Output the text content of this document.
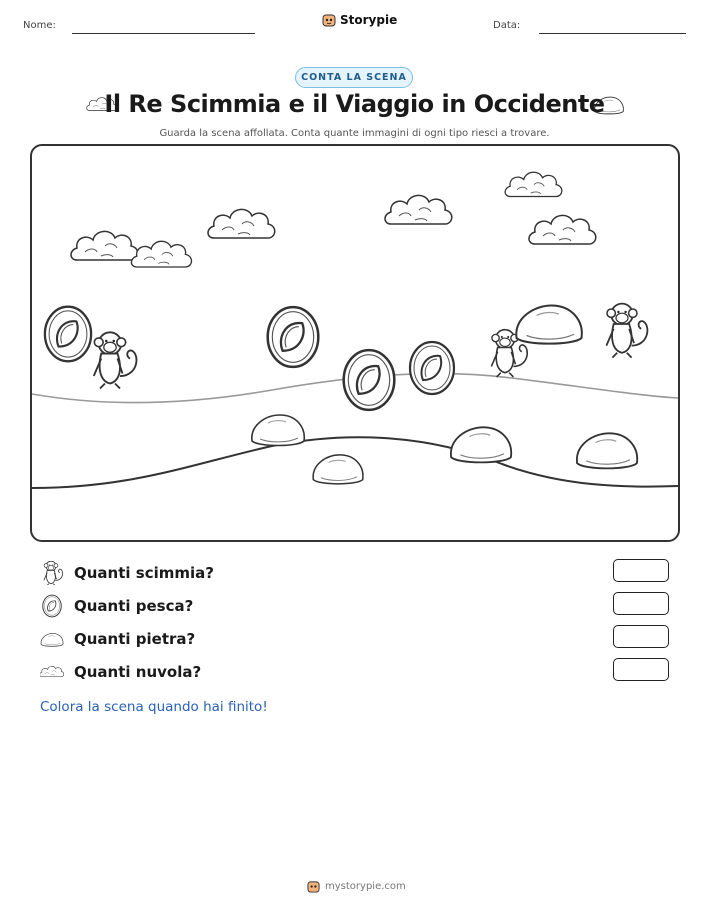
Nome:	Storypie	Data:
CONTA LA SCENA
Il Re Scimmia e il Viaggio in Occidente
Guarda la scena affollata. Conta quante immagini di ogni tipo riesci a trovare.
Quanti scimmia?
Quanti pesca?
Quanti pietra?
Quanti nuvola?
Colora la scena quando hai finito!
mystorypie.com
